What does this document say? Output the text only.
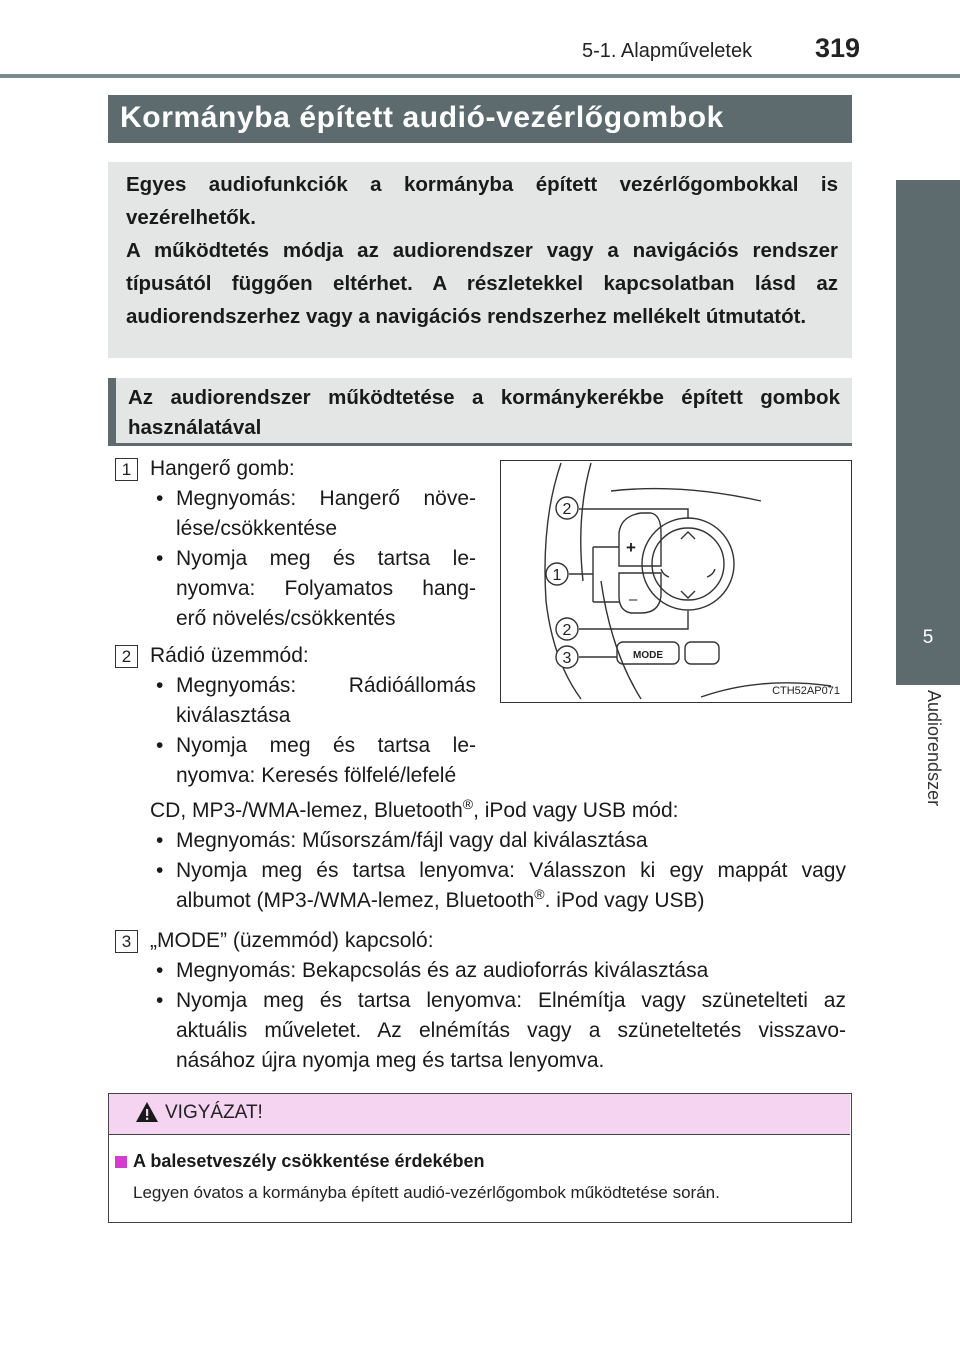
5-1. Alapműveletek 319
5
Audiorendszer
Kormányba épített audió-vezérlőgombok

Egyes audiofunkciók a kormányba épített vezérlőgombokkal is vezérelhetők.

A működtetés módja az audiorendszer vagy a navigációs rendszer típusától függően eltérhet. A részletekkel kapcsolatban lásd az audiorendszerhez vagy a navigációs rendszerhez mellékelt útmutatót.

Az audiorendszer működtetése a kormánykerékbe épített gombok használatával
1 Hangerő gomb:
• Megnyomás: Hangerő növe-
lése/csökkentése
• Nyomja meg és tartsa le-
nyomva: Folyamatos hang-
erő növelés/csökkentés
2 Rádió üzemmód:
• Megnyomás: Rádióállomás
kiválasztása
• Nyomja meg és tartsa le-
nyomva: Keresés fölfelé/lefelé
CD, MP3-/WMA-lemez, Bluetooth®, iPod vagy USB mód:
• Megnyomás: Műsorszám/fájl vagy dal kiválasztása
• Nyomja meg és tartsa lenyomva: Válasszon ki egy mappát vagy
albumot (MP3-/WMA-lemez, Bluetooth®. iPod vagy USB)
3 „MODE” (üzemmód) kapcsoló:
• Megnyomás: Bekapcsolás és az audioforrás kiválasztása
• Nyomja meg és tartsa lenyomva: Elnémítja vagy szünetelteti az
aktuális műveletet. Az elnémítás vagy a szüneteltetés visszavo-
násához újra nyomja meg és tartsa lenyomva.
2
1
2
3
+
–
MODE
CTH52AP071
VIGYÁZAT!
A balesetveszély csökkentése érdekében
Legyen óvatos a kormányba épített audió-vezérlőgombok működtetése során.
